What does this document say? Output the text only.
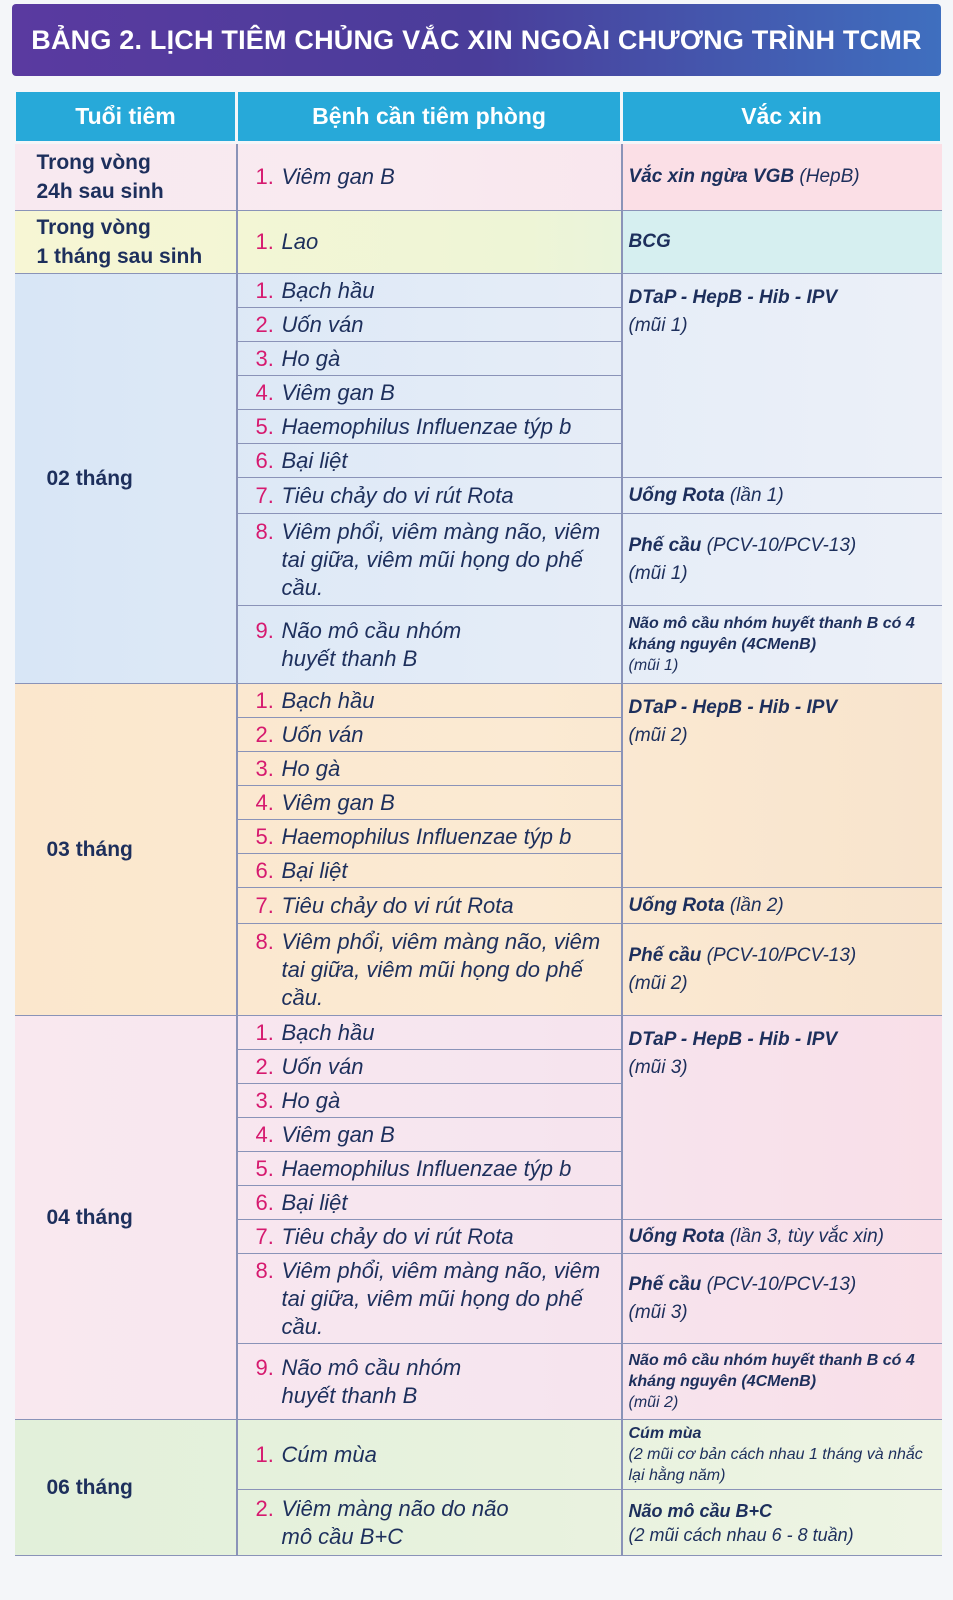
BẢNG 2. LỊCH TIÊM CHỦNG VẮC XIN NGOÀI CHƯƠNG TRÌNH TCMR
Tuổi tiêm	Bệnh cần tiêm phòng	Vắc xin
Trong vòng
24h sau sinh	1. Viêm gan B	Vắc xin ngừa VGB (HepB)
Trong vòng
1 tháng sau sinh	1. Lao	BCG
02 tháng	1. Bạch hầu	DTaP - HepB - Hib - IPV
(mũi 1)
	2. Uốn ván	
	3. Ho gà	
	4. Viêm gan B	
	5. Haemophilus Influenzae týp b	
	6. Bại liệt	
	7. Tiêu chảy do vi rút Rota	Uống Rota (lần 1)
	8. Viêm phổi, viêm màng não, viêm tai giữa, viêm mũi họng do phế cầu.	Phế cầu (PCV-10/PCV-13)
(mũi 1)
	9. Não mô cầu nhóm huyết thanh B	Não mô cầu nhóm huyết thanh B có 4 kháng nguyên (4CMenB)
(mũi 1)
03 tháng	1. Bạch hầu	DTaP - HepB - Hib - IPV
(mũi 2)
	2. Uốn ván	
	3. Ho gà	
	4. Viêm gan B	
	5. Haemophilus Influenzae týp b	
	6. Bại liệt	
	7. Tiêu chảy do vi rút Rota	Uống Rota (lần 2)
	8. Viêm phổi, viêm màng não, viêm tai giữa, viêm mũi họng do phế cầu.	Phế cầu (PCV-10/PCV-13)
(mũi 2)
04 tháng	1. Bạch hầu	DTaP - HepB - Hib - IPV
(mũi 3)
	2. Uốn ván	
	3. Ho gà	
	4. Viêm gan B	
	5. Haemophilus Influenzae týp b	
	6. Bại liệt	
	7. Tiêu chảy do vi rút Rota	Uống Rota (lần 3, tùy vắc xin)
	8. Viêm phổi, viêm màng não, viêm tai giữa, viêm mũi họng do phế cầu.	Phế cầu (PCV-10/PCV-13)
(mũi 3)
	9. Não mô cầu nhóm huyết thanh B	Não mô cầu nhóm huyết thanh B có 4 kháng nguyên (4CMenB)
(mũi 2)
06 tháng	1. Cúm mùa	Cúm mùa
(2 mũi cơ bản cách nhau 1 tháng và nhắc lại hằng năm)
	2. Viêm màng não do não mô cầu B+C	Não mô cầu B+C
(2 mũi cách nhau 6 - 8 tuần)
